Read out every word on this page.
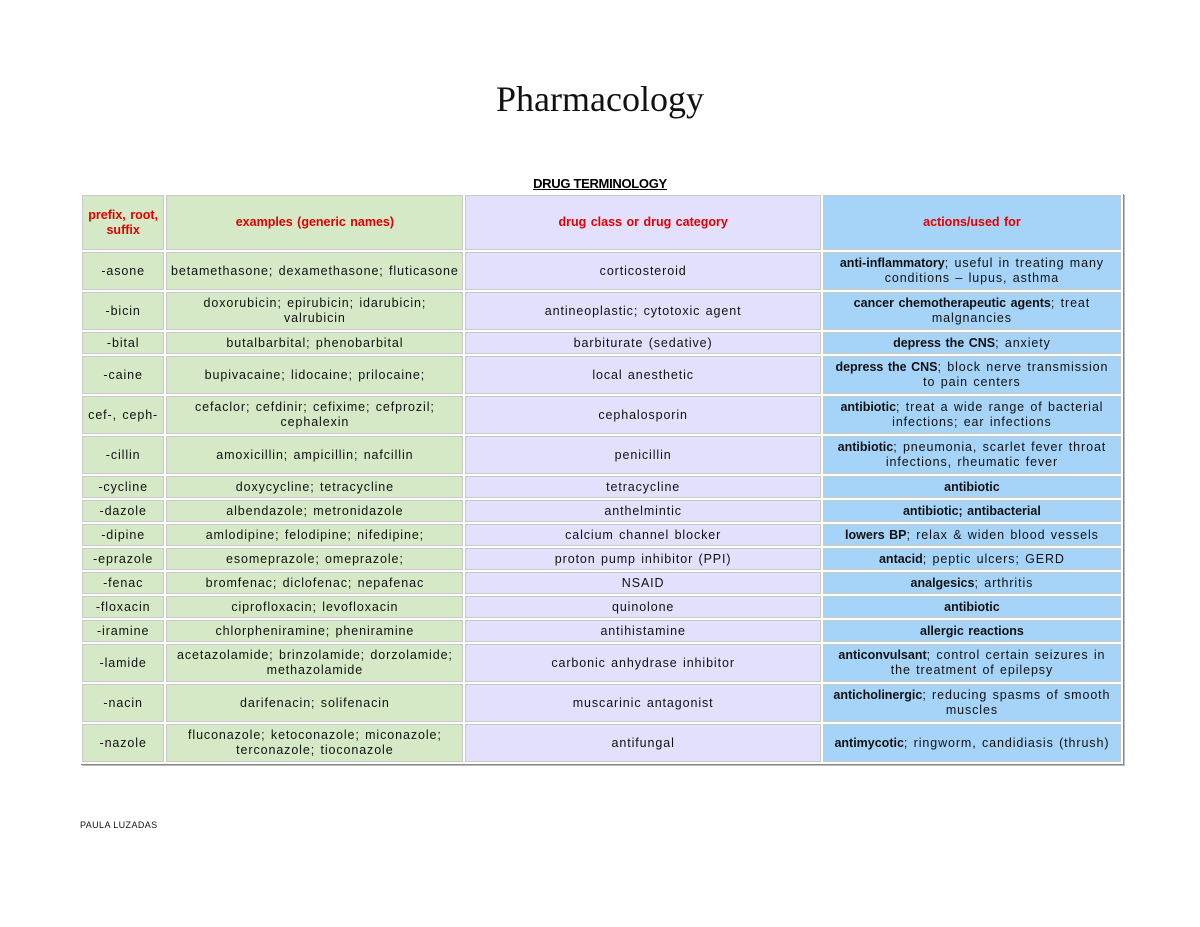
Pharmacology
DRUG TERMINOLOGY
prefix, root, suffix	examples (generic names)	drug class or drug category	actions/used for
-asone	betamethasone; dexamethasone; fluticasone	corticosteroid	anti-inflammatory; useful in treating many conditions – lupus, asthma
-bicin	doxorubicin; epirubicin; idarubicin; valrubicin	antineoplastic; cytotoxic agent	cancer chemotherapeutic agents; treat malgnancies
-bital	butalbarbital; phenobarbital	barbiturate (sedative)	depress the CNS; anxiety
-caine	bupivacaine; lidocaine; prilocaine;	local anesthetic	depress the CNS; block nerve transmission to pain centers
cef-, ceph-	cefaclor; cefdinir; cefixime; cefprozil; cephalexin	cephalosporin	antibiotic; treat a wide range of bacterial infections; ear infections
-cillin	amoxicillin; ampicillin; nafcillin	penicillin	antibiotic; pneumonia, scarlet fever throat infections, rheumatic fever
-cycline	doxycycline; tetracycline	tetracycline	antibiotic
-dazole	albendazole; metronidazole	anthelmintic	antibiotic; antibacterial
-dipine	amlodipine; felodipine; nifedipine;	calcium channel blocker	lowers BP; relax & widen blood vessels
-eprazole	esomeprazole; omeprazole;	proton pump inhibitor (PPI)	antacid; peptic ulcers; GERD
-fenac	bromfenac; diclofenac; nepafenac	NSAID	analgesics; arthritis
-floxacin	ciprofloxacin; levofloxacin	quinolone	antibiotic
-iramine	chlorpheniramine; pheniramine	antihistamine	allergic reactions
-lamide	acetazolamide; brinzolamide; dorzolamide; methazolamide	carbonic anhydrase inhibitor	anticonvulsant; control certain seizures in the treatment of epilepsy
-nacin	darifenacin; solifenacin	muscarinic antagonist	anticholinergic; reducing spasms of smooth muscles
-nazole	fluconazole; ketoconazole; miconazole; terconazole; tioconazole	antifungal	antimycotic; ringworm, candidiasis (thrush)
PAULA LUZADAS
